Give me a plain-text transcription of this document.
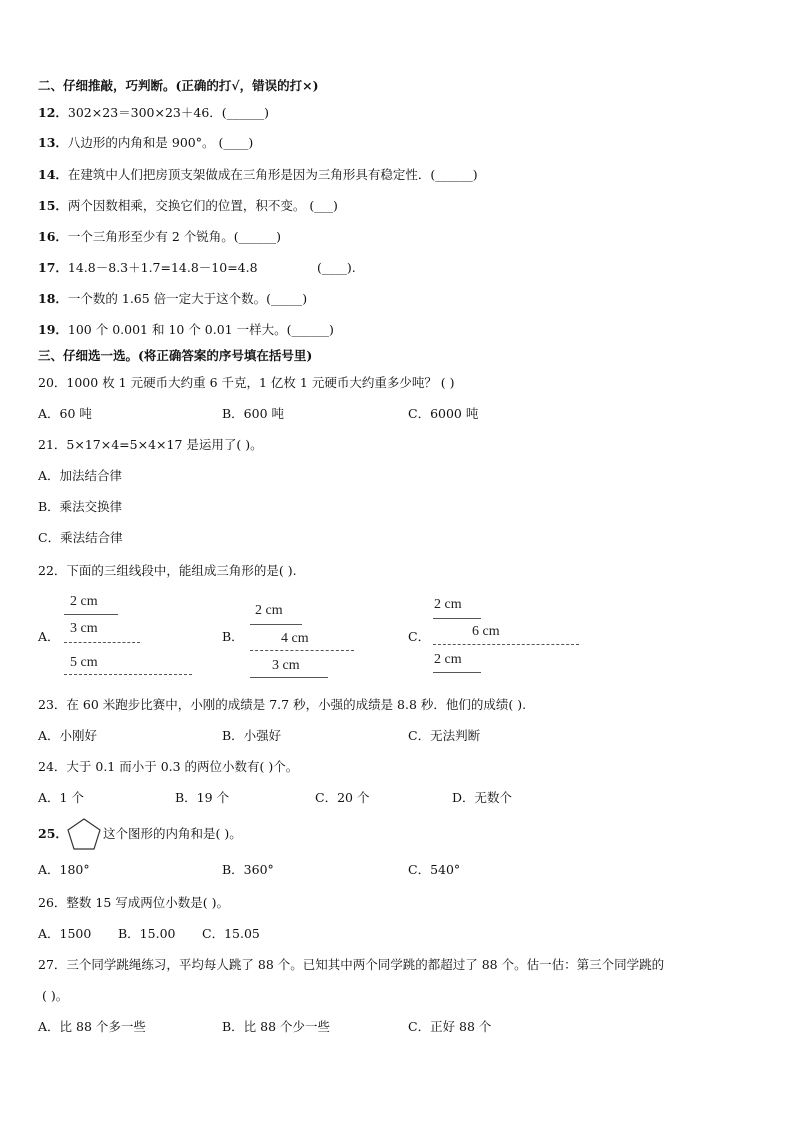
二、仔细推敲，巧判断。(正确的打√，错误的打×)
12．302×23＝300×23＋46．(______)
13．八边形的内角和是 900°。 (____)
14．在建筑中人们把房顶支架做成在三角形是因为三角形具有稳定性．(______)
15．两个因数相乘，交换它们的位置，积不变。 (___)
16．一个三角形至少有 2 个锐角。(______)
17．14.8－8.3＋1.7=14.8－10=4.8	(____).
18．一个数的 1.65 倍一定大于这个数。(_____)
19．100 个 0.001 和 10 个 0.01 一样大。(______)
三、仔细选一选。(将正确答案的序号填在括号里)
20．1000 枚 1 元硬币大约重 6 千克，1 亿枚 1 元硬币大约重多少吨？ ( )
A．60 吨	B．600 吨	C．6000 吨
21．5×17×4=5×4×17 是运用了( )。
A．加法结合律
B．乘法交换律
C．乘法结合律
22．下面的三组线段中，能组成三角形的是( ).
A．	B．	C．
2 cm
3 cm
5 cm
2 cm
4 cm
3 cm
2 cm
6 cm
2 cm
23．在 60 米跑步比赛中，小刚的成绩是 7.7 秒，小强的成绩是 8.8 秒．他们的成绩( ).
A．小刚好	B．小强好	C．无法判断
24．大于 0.1 而小于 0.3 的两位小数有( )个。
A．1 个	B．19 个	C．20 个	D．无数个
25．	这个图形的内角和是( )。
A．180°	B．360°	C．540°
26．整数 15 写成两位小数是( )。
A．1500 B．15.00 C．15.05
27．三个同学跳绳练习，平均每人跳了 88 个。已知其中两个同学跳的都超过了 88 个。估一估：第三个同学跳的
( )。
A．比 88 个多一些	B．比 88 个少一些	C．正好 88 个
